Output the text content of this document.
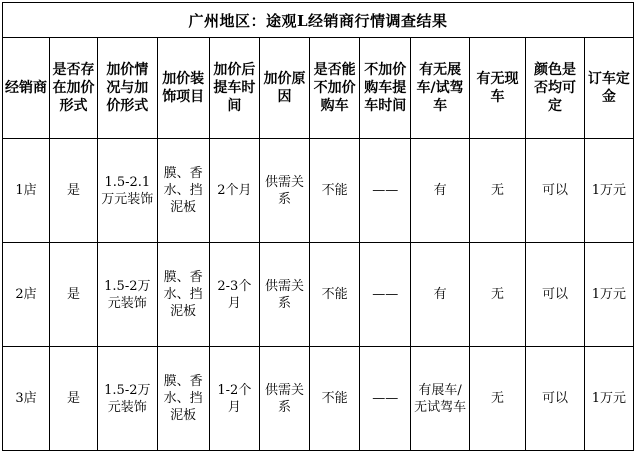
广州地区：途观L经销商行情调查结果											
经销商	是否存在加价形式	加价情况与加价形式	加价装饰项目	加价后提车时间	加价原因	是否能不加价购车	不加价购车提车时间	有无展车/试驾车	有无现车	颜色是否均可定	订车定金
1店	是	1.5-2.1万元装饰	膜、香水、挡泥板	2个月	供需关系	不能	——	有	无	可以	1万元
2店	是	1.5-2万元装饰	膜、香水、挡泥板	2-3个月	供需关系	不能	——	有	无	可以	1万元
3店	是	1.5-2万元装饰	膜、香水、挡泥板	1-2个月	供需关系	不能	——	有展车/无试驾车	无	可以	1万元
